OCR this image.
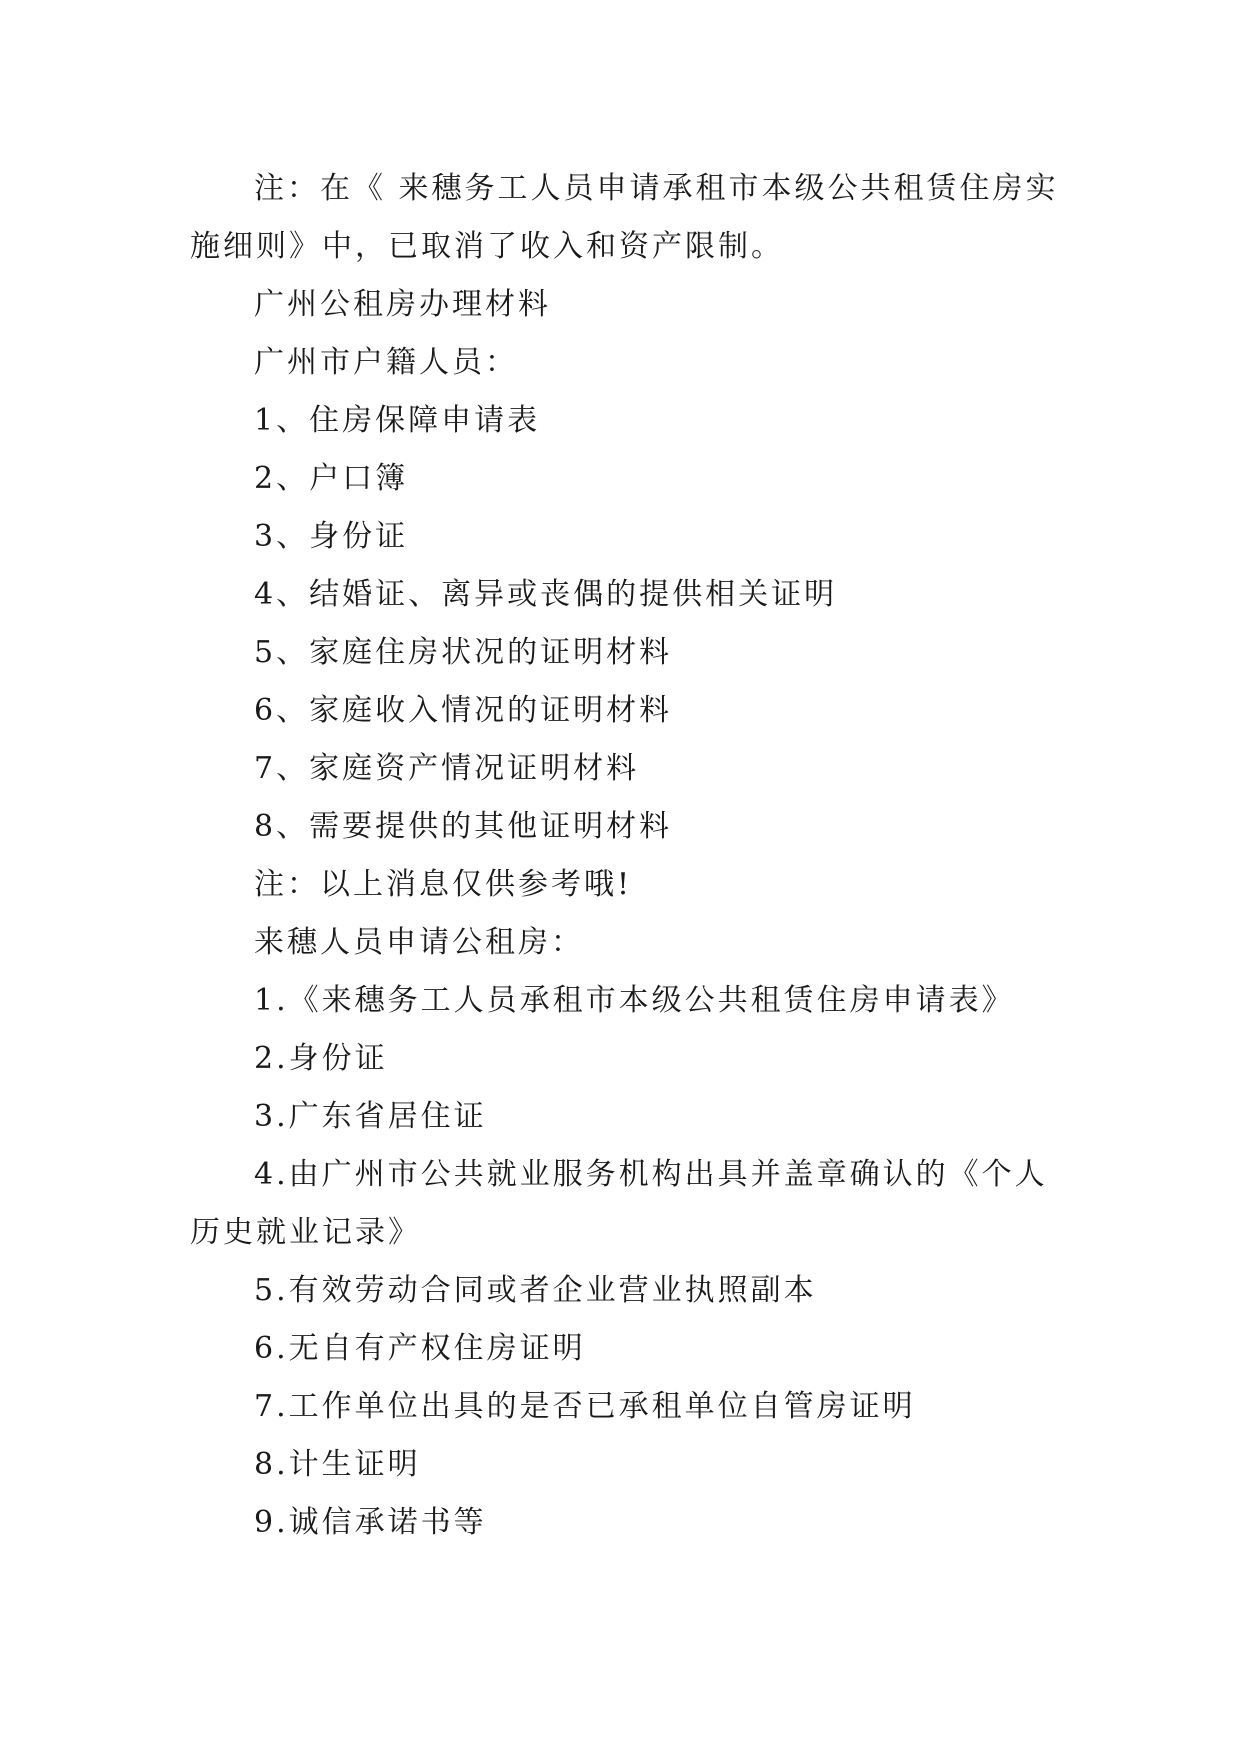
注：在《 来穗务工人员申请承租市本级公共租赁住房实施细则》中，已取消了收入和资产限制。

广州公租房办理材料

广州市户籍人员：

1、住房保障申请表

2、户口簿

3、身份证

4、结婚证、离异或丧偶的提供相关证明

5、家庭住房状况的证明材料

6、家庭收入情况的证明材料

7、家庭资产情况证明材料

8、需要提供的其他证明材料

注：以上消息仅供参考哦!

来穗人员申请公租房：

1.《来穗务工人员承租市本级公共租赁住房申请表》

2.身份证

3.广东省居住证

4.由广州市公共就业服务机构出具并盖章确认的《个人历史就业记录》

5.有效劳动合同或者企业营业执照副本

6.无自有产权住房证明

7.工作单位出具的是否已承租单位自管房证明

8.计生证明

9.诚信承诺书等
